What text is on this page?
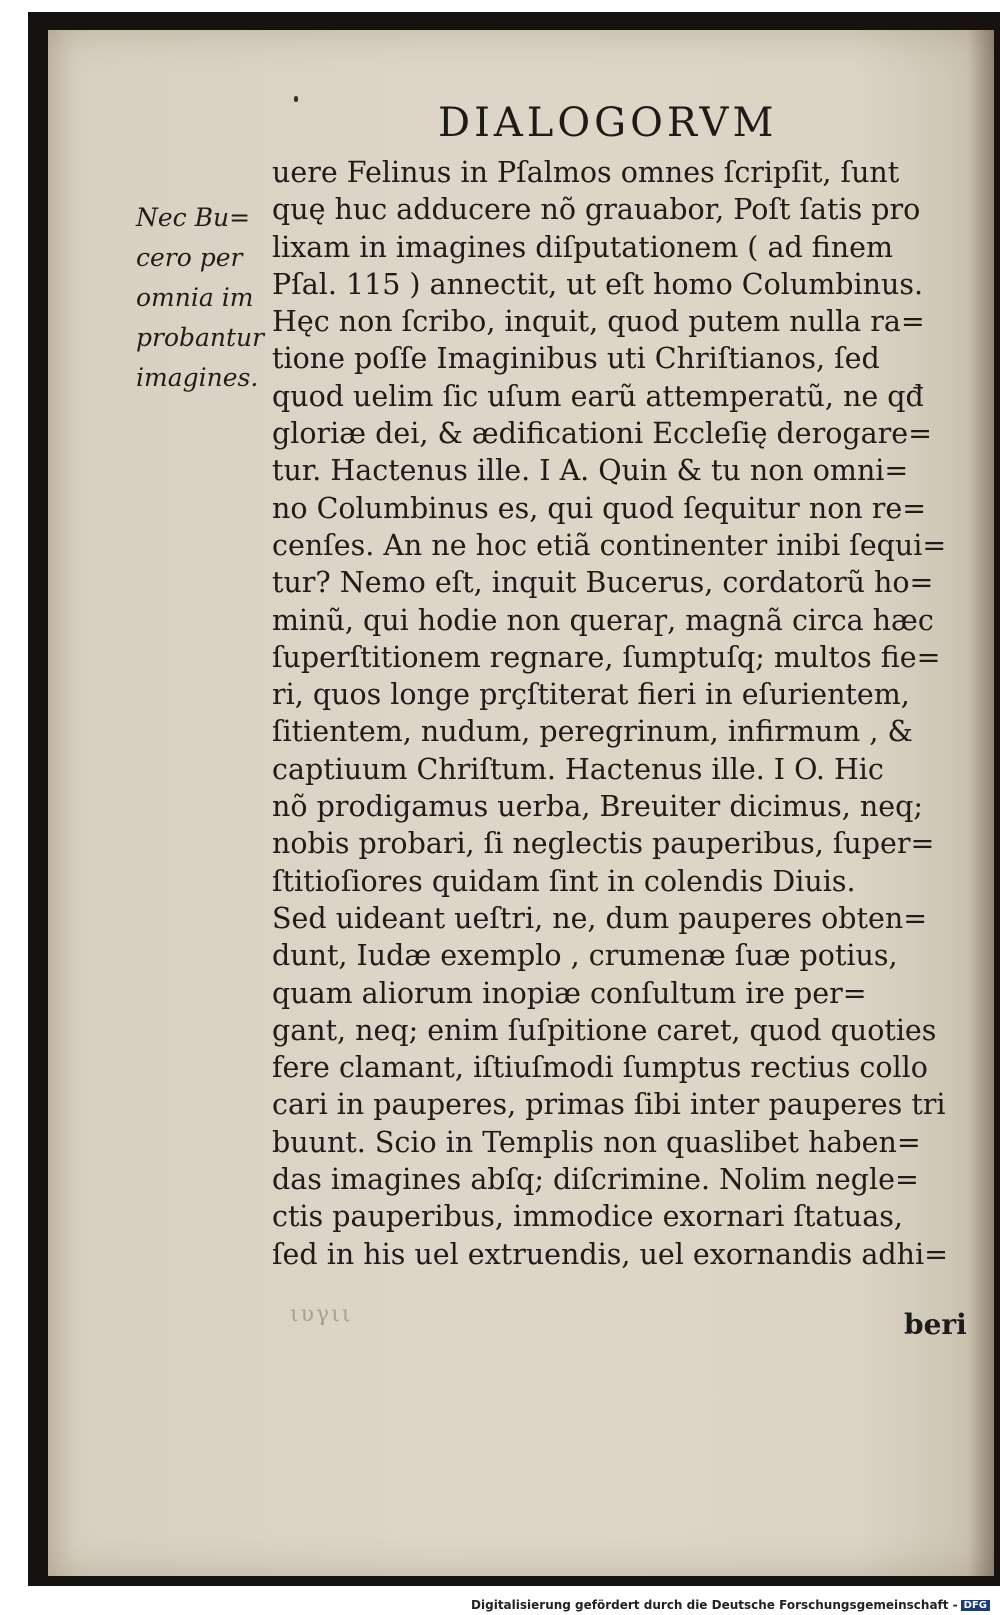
DIALOGORVM
Nec Bu=
cero per
omnia im
probantur
imagines.
uere Felinus in Pſalmos omnes ſcripſit, ſunt
quę huc adducere nõ grauabor, Poſt ſatis pro
lixam in imagines diſputationem ( ad finem
Pſal. 115 ) annectit, ut eſt homo Columbinus.
Hęc non ſcribo, inquit, quod putem nulla ra=
tione poſſe Imaginibus uti Chriſtianos, ſed
quod uelim ſic uſum earũ attemperatũ, ne qđ
gloriæ dei, & ædificationi Eccleſię derogare=
tur. Hactenus ille. I A. Quin & tu non omni=
no Columbinus es, qui quod ſequitur non re=
cenſes. An ne hoc etiã continenter inibi ſequi=
tur? Nemo eſt, inquit Bucerus, cordatorũ ho=
minũ, qui hodie non queraɼ, magnã circa hæc
ſuperſtitionem regnare, ſumptuſq; multos fie=
ri, quos longe prçſtiterat fieri in eſurientem,
ſitientem, nudum, peregrinum, infirmum , &
captiuum Chriſtum. Hactenus ille. I O. Hic
nõ prodigamus uerba, Breuiter dicimus, neq;
nobis probari, ſi neglectis pauperibus, ſuper=
ſtitioſiores quidam ſint in colendis Diuis.
Sed uideant ueſtri, ne, dum pauperes obten=
dunt, Iudæ exemplo , crumenæ ſuæ potius,
quam aliorum inopiæ conſultum ire per=
gant, neq; enim ſuſpitione caret, quod quoties
fere clamant, iſtiuſmodi ſumptus rectius collo
cari in pauperes, primas ſibi inter pauperes tri
buunt. Scio in Templis non quaslibet haben=
das imagines abſq; diſcrimine. Nolim negle=
ctis pauperibus, immodice exornari ſtatuas,
ſed in his uel extruendis, uel exornandis adhi=
ιυγιι	beri
Digitalisierung gefördert durch die Deutsche Forschungsgemeinschaft - DFG
